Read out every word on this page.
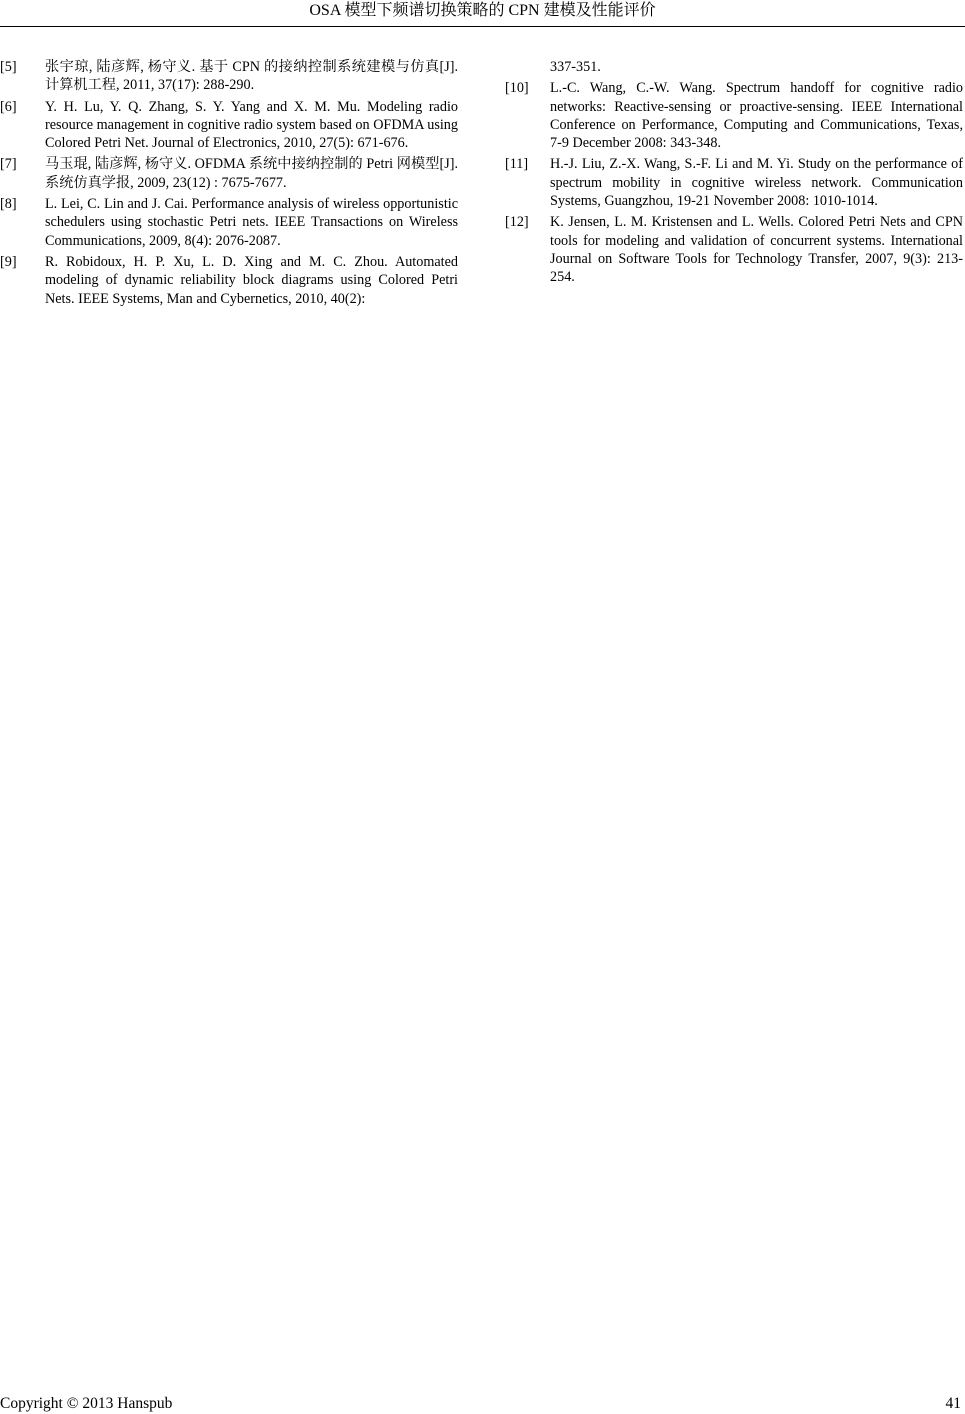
OSA 模型下频谱切换策略的 CPN 建模及性能评价
[5] 张宇琼, 陆彦辉, 杨守义. 基于 CPN 的接纳控制系统建模与仿真[J]. 计算机工程, 2011, 37(17): 288-290.
[6] Y. H. Lu, Y. Q. Zhang, S. Y. Yang and X. M. Mu. Modeling radio resource management in cognitive radio system based on OFDMA using Colored Petri Net. Journal of Electronics, 2010, 27(5): 671-676.
[7] 马玉琨, 陆彦辉, 杨守义. OFDMA 系统中接纳控制的 Petri 网模型[J]. 系统仿真学报, 2009, 23(12) : 7675-7677.
[8] L. Lei, C. Lin and J. Cai. Performance analysis of wireless opportunistic schedulers using stochastic Petri nets. IEEE Transactions on Wireless Communications, 2009, 8(4): 2076-2087.
[9] R. Robidoux, H. P. Xu, L. D. Xing and M. C. Zhou. Automated modeling of dynamic reliability block diagrams using Colored Petri Nets. IEEE Systems, Man and Cybernetics, 2010, 40(2):
337-351.
[10] L.-C. Wang, C.-W. Wang. Spectrum handoff for cognitive radio networks: Reactive-sensing or proactive-sensing. IEEE International Conference on Performance, Computing and Communications, Texas, 7-9 December 2008: 343-348.
[11] H.-J. Liu, Z.-X. Wang, S.-F. Li and M. Yi. Study on the performance of spectrum mobility in cognitive wireless network. Communication Systems, Guangzhou, 19-21 November 2008: 1010-1014.
[12] K. Jensen, L. M. Kristensen and L. Wells. Colored Petri Nets and CPN tools for modeling and validation of concurrent systems. International Journal on Software Tools for Technology Transfer, 2007, 9(3): 213-254.
Copyright © 2013 Hanspub	41
